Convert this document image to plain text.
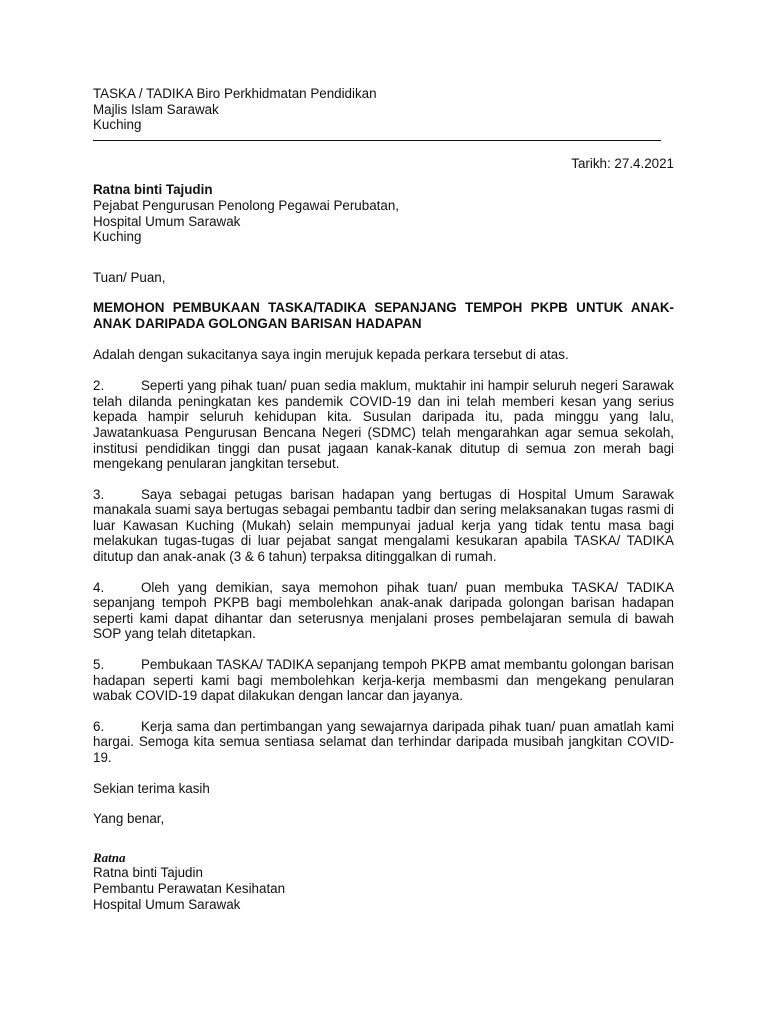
TASKA / TADIKA Biro Perkhidmatan Pendidikan
Majlis Islam Sarawak
Kuching
Tarikh: 27.4.2021
Ratna binti Tajudin
Pejabat Pengurusan Penolong Pegawai Perubatan,
Hospital Umum Sarawak
Kuching

Tuan/ Puan,

MEMOHON PEMBUKAAN TASKA/TADIKA SEPANJANG TEMPOH PKPB UNTUK ANAK-ANAK DARIPADA GOLONGAN BARISAN HADAPAN

Adalah dengan sukacitanya saya ingin merujuk kepada perkara tersebut di atas.

2.	Seperti yang pihak tuan/ puan sedia maklum, muktahir ini hampir seluruh negeri Sarawak telah dilanda peningkatan kes pandemik COVID-19 dan ini telah memberi kesan yang serius kepada hampir seluruh kehidupan kita. Susulan daripada itu, pada minggu yang lalu, Jawatankuasa Pengurusan Bencana Negeri (SDMC) telah mengarahkan agar semua sekolah, institusi pendidikan tinggi dan pusat jagaan kanak-kanak ditutup di semua zon merah bagi mengekang penularan jangkitan tersebut.

3.	Saya sebagai petugas barisan hadapan yang bertugas di Hospital Umum Sarawak manakala suami saya bertugas sebagai pembantu tadbir dan sering melaksanakan tugas rasmi di luar Kawasan Kuching (Mukah) selain mempunyai jadual kerja yang tidak tentu masa bagi melakukan tugas-tugas di luar pejabat sangat mengalami kesukaran apabila TASKA/ TADIKA ditutup dan anak-anak (3 & 6 tahun) terpaksa ditinggalkan di rumah.

4.	Oleh yang demikian, saya memohon pihak tuan/ puan membuka TASKA/ TADIKA sepanjang tempoh PKPB bagi membolehkan anak-anak daripada golongan barisan hadapan seperti kami dapat dihantar dan seterusnya menjalani proses pembelajaran semula di bawah SOP yang telah ditetapkan.

5.	Pembukaan TASKA/ TADIKA sepanjang tempoh PKPB amat membantu golongan barisan hadapan seperti kami bagi membolehkan kerja-kerja membasmi dan mengekang penularan wabak COVID-19 dapat dilakukan dengan lancar dan jayanya.

6.	Kerja sama dan pertimbangan yang sewajarnya daripada pihak tuan/ puan amatlah kami hargai. Semoga kita semua sentiasa selamat dan terhindar daripada musibah jangkitan COVID-19.

Sekian terima kasih

Yang benar,

Ratna
Ratna binti Tajudin
Pembantu Perawatan Kesihatan
Hospital Umum Sarawak
